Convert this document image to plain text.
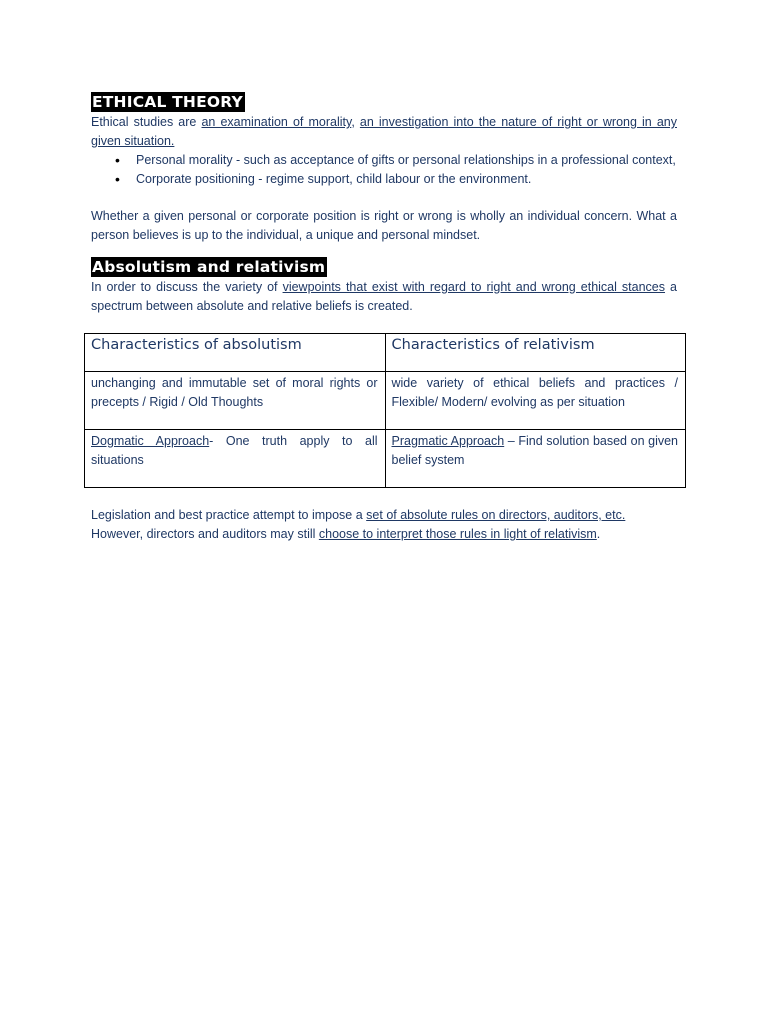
ETHICAL THEORY

Ethical studies are an examination of morality, an investigation into the nature of right or wrong in any given situation.

• Personal morality - such as acceptance of gifts or personal relationships in a professional context,
• Corporate positioning - regime support, child labour or the environment.

Whether a given personal or corporate position is right or wrong is wholly an individual concern. What a person believes is up to the individual, a unique and personal mindset.

Absolutism and relativism

In order to discuss the variety of viewpoints that exist with regard to right and wrong ethical stances a spectrum between absolute and relative beliefs is created.

Characteristics of absolutism	Characteristics of relativism
unchanging and immutable set of moral rights or precepts / Rigid / Old Thoughts	wide variety of ethical beliefs and practices / Flexible/ Modern/ evolving as per situation
Dogmatic Approach- One truth apply to all situations	Pragmatic Approach – Find solution based on given belief system

Legislation and best practice attempt to impose a set of absolute rules on directors, auditors, etc.

However, directors and auditors may still choose to interpret those rules in light of relativism.
